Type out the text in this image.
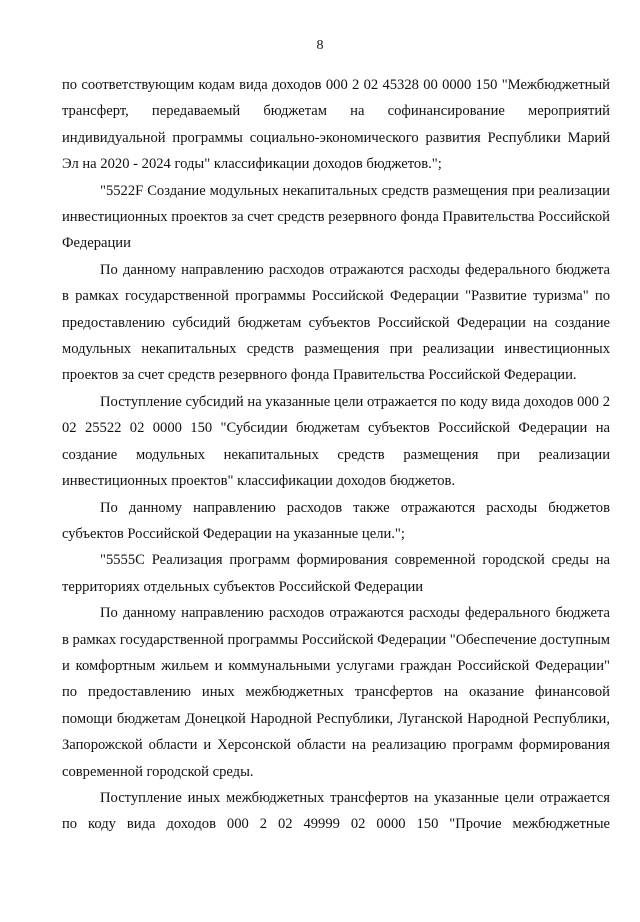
8

по соответствующим кодам вида доходов 000 2 02 45328 00 0000 150 "Межбюджетный трансферт, передаваемый бюджетам на софинансирование мероприятий индивидуальной программы социально-экономического развития Республики Марий Эл на 2020 - 2024 годы" классификации доходов бюджетов.";

"5522F Создание модульных некапитальных средств размещения при реализации инвестиционных проектов за счет средств резервного фонда Правительства Российской Федерации

По данному направлению расходов отражаются расходы федерального бюджета в рамках государственной программы Российской Федерации "Развитие туризма" по предоставлению субсидий бюджетам субъектов Российской Федерации на создание модульных некапитальных средств размещения при реализации инвестиционных проектов за счет средств резервного фонда Правительства Российской Федерации.

Поступление субсидий на указанные цели отражается по коду вида доходов 000 2 02 25522 02 0000 150 "Субсидии бюджетам субъектов Российской Федерации на создание модульных некапитальных средств размещения при реализации инвестиционных проектов" классификации доходов бюджетов.

По данному направлению расходов также отражаются расходы бюджетов субъектов Российской Федерации на указанные цели.";

"5555C Реализация программ формирования современной городской среды на территориях отдельных субъектов Российской Федерации

По данному направлению расходов отражаются расходы федерального бюджета в рамках государственной программы Российской Федерации "Обеспечение доступным и комфортным жильем и коммунальными услугами граждан Российской Федерации" по предоставлению иных межбюджетных трансфертов на оказание финансовой помощи бюджетам Донецкой Народной Республики, Луганской Народной Республики, Запорожской области и Херсонской области на реализацию программ формирования современной городской среды.

Поступление иных межбюджетных трансфертов на указанные цели отражается по коду вида доходов 000 2 02 49999 02 0000 150 "Прочие межбюджетные
